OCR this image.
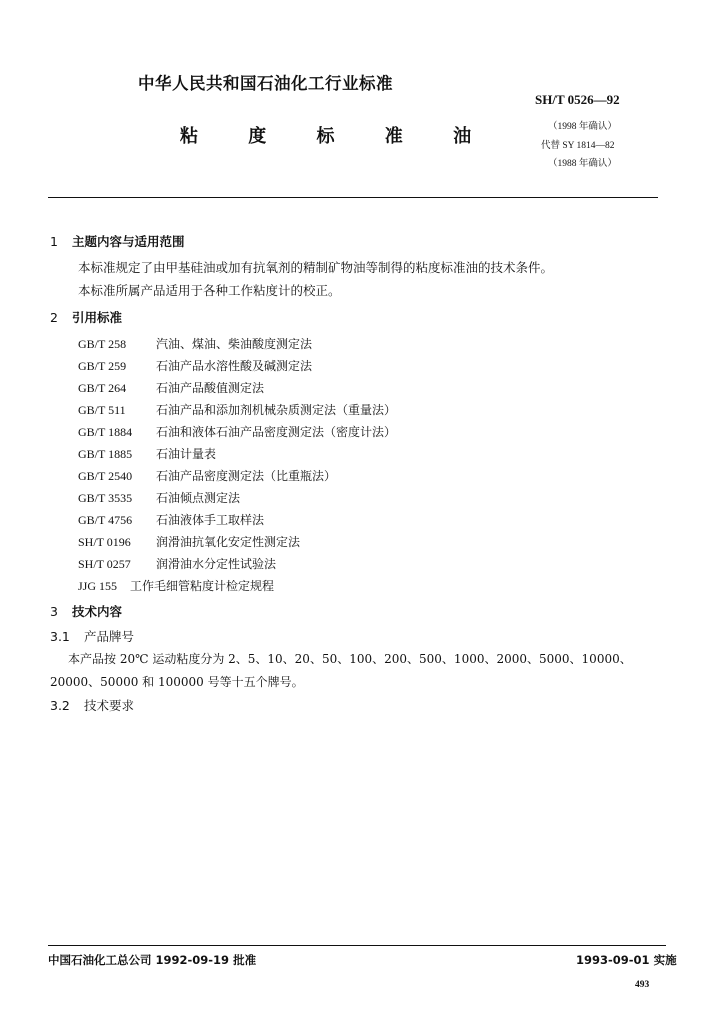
中华人民共和国石油化工行业标准
SH/T 0526—92
粘 度 标 准 油	（1998 年确认）
代替 SY 1814—82
（1988 年确认）
1 主题内容与适用范围
本标准规定了由甲基硅油或加有抗氧剂的精制矿物油等制得的粘度标准油的技术条件。
本标准所属产品适用于各种工作粘度计的校正。
2 引用标准
GB/T 258 汽油、煤油、柴油酸度测定法
GB/T 259 石油产品水溶性酸及碱测定法
GB/T 264 石油产品酸值测定法
GB/T 511	石油产品和添加剂机械杂质测定法（重量法）
GB/T 1884 石油和液体石油产品密度测定法（密度计法）
GB/T 1885 石油计量表
GB/T 2540 石油产品密度测定法（比重瓶法）
GB/T 3535 石油倾点测定法
GB/T 4756 石油液体手工取样法
SH/T 0196 润滑油抗氧化安定性测定法
SH/T 0257 润滑油水分定性试验法
JJG 155 工作毛细管粘度计检定规程
3 技术内容
3.1 产品牌号
本产品按 20℃ 运动粘度分为 2、5、10、20、50、100、200、500、1000、2000、5000、10000、
20000、50000 和 100000 号等十五个牌号。
3.2 技术要求
中国石油化工总公司 1992-09-19 批准	1993-09-01 实施
493
